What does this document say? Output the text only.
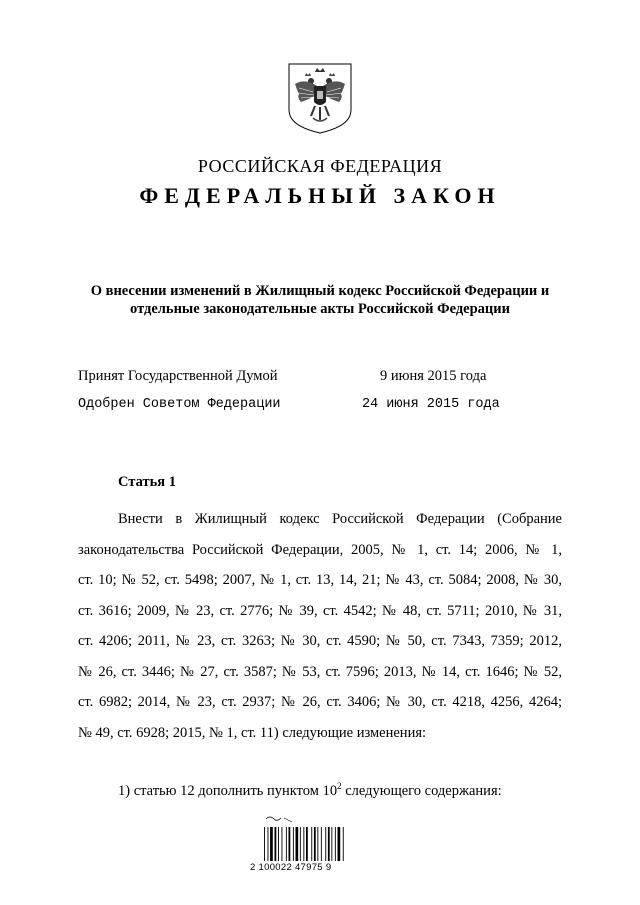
РОССИЙСКАЯ ФЕДЕРАЦИЯ
ФЕДЕРАЛЬНЫЙ ЗАКОН
О внесении изменений в Жилищный кодекс Российской Федерации и
отдельные законодательные акты Российской Федерации
Принят Государственной Думой	9 июня 2015 года
Одобрен Советом Федерации	24 июня 2015 года
Статья 1
Внести в Жилищный кодекс Российской Федерации (Собрание
законодательства Российской Федерации, 2005, № 1, ст. 14; 2006, № 1,
ст. 10; № 52, ст. 5498; 2007, № 1, ст. 13, 14, 21; № 43, ст. 5084; 2008, № 30,
ст. 3616; 2009, № 23, ст. 2776; № 39, ст. 4542; № 48, ст. 5711; 2010, № 31,
ст. 4206; 2011, № 23, ст. 3263; № 30, ст. 4590; № 50, ст. 7343, 7359; 2012,
№ 26, ст. 3446; № 27, ст. 3587; № 53, ст. 7596; 2013, № 14, ст. 1646; № 52,
ст. 6982; 2014, № 23, ст. 2937; № 26, ст. 3406; № 30, ст. 4218, 4256, 4264;
№ 49, ст. 6928; 2015, № 1, ст. 11) следующие изменения:
1) статью 12 дополнить пунктом $10^2$ следующего содержания:
2 100022 47975 9
